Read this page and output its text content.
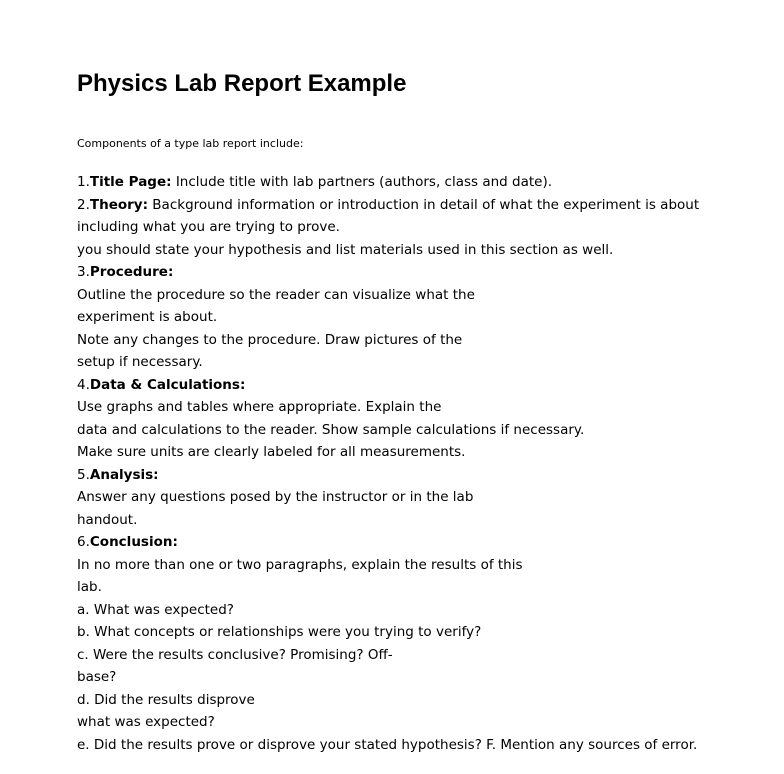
Physics Lab Report Example
Components of a type lab report include:
1.Title Page: Include title with lab partners (authors, class and date).
2.Theory: Background information or introduction in detail of what the experiment is about
including what you are trying to prove.
you should state your hypothesis and list materials used in this section as well.
3.Procedure:
Outline the procedure so the reader can visualize what the
experiment is about.
Note any changes to the procedure. Draw pictures of the
setup if necessary.
4.Data & Calculations:
Use graphs and tables where appropriate. Explain the
data and calculations to the reader. Show sample calculations if necessary.
Make sure units are clearly labeled for all measurements.
5.Analysis:
Answer any questions posed by the instructor or in the lab
handout.
6.Conclusion:
In no more than one or two paragraphs, explain the results of this
lab.
a. What was expected?
b. What concepts or relationships were you trying to verify?
c. Were the results conclusive? Promising? Off-
base?
d. Did the results disprove
what was expected?
e. Did the results prove or disprove your stated hypothesis? F. Mention any sources of error.
